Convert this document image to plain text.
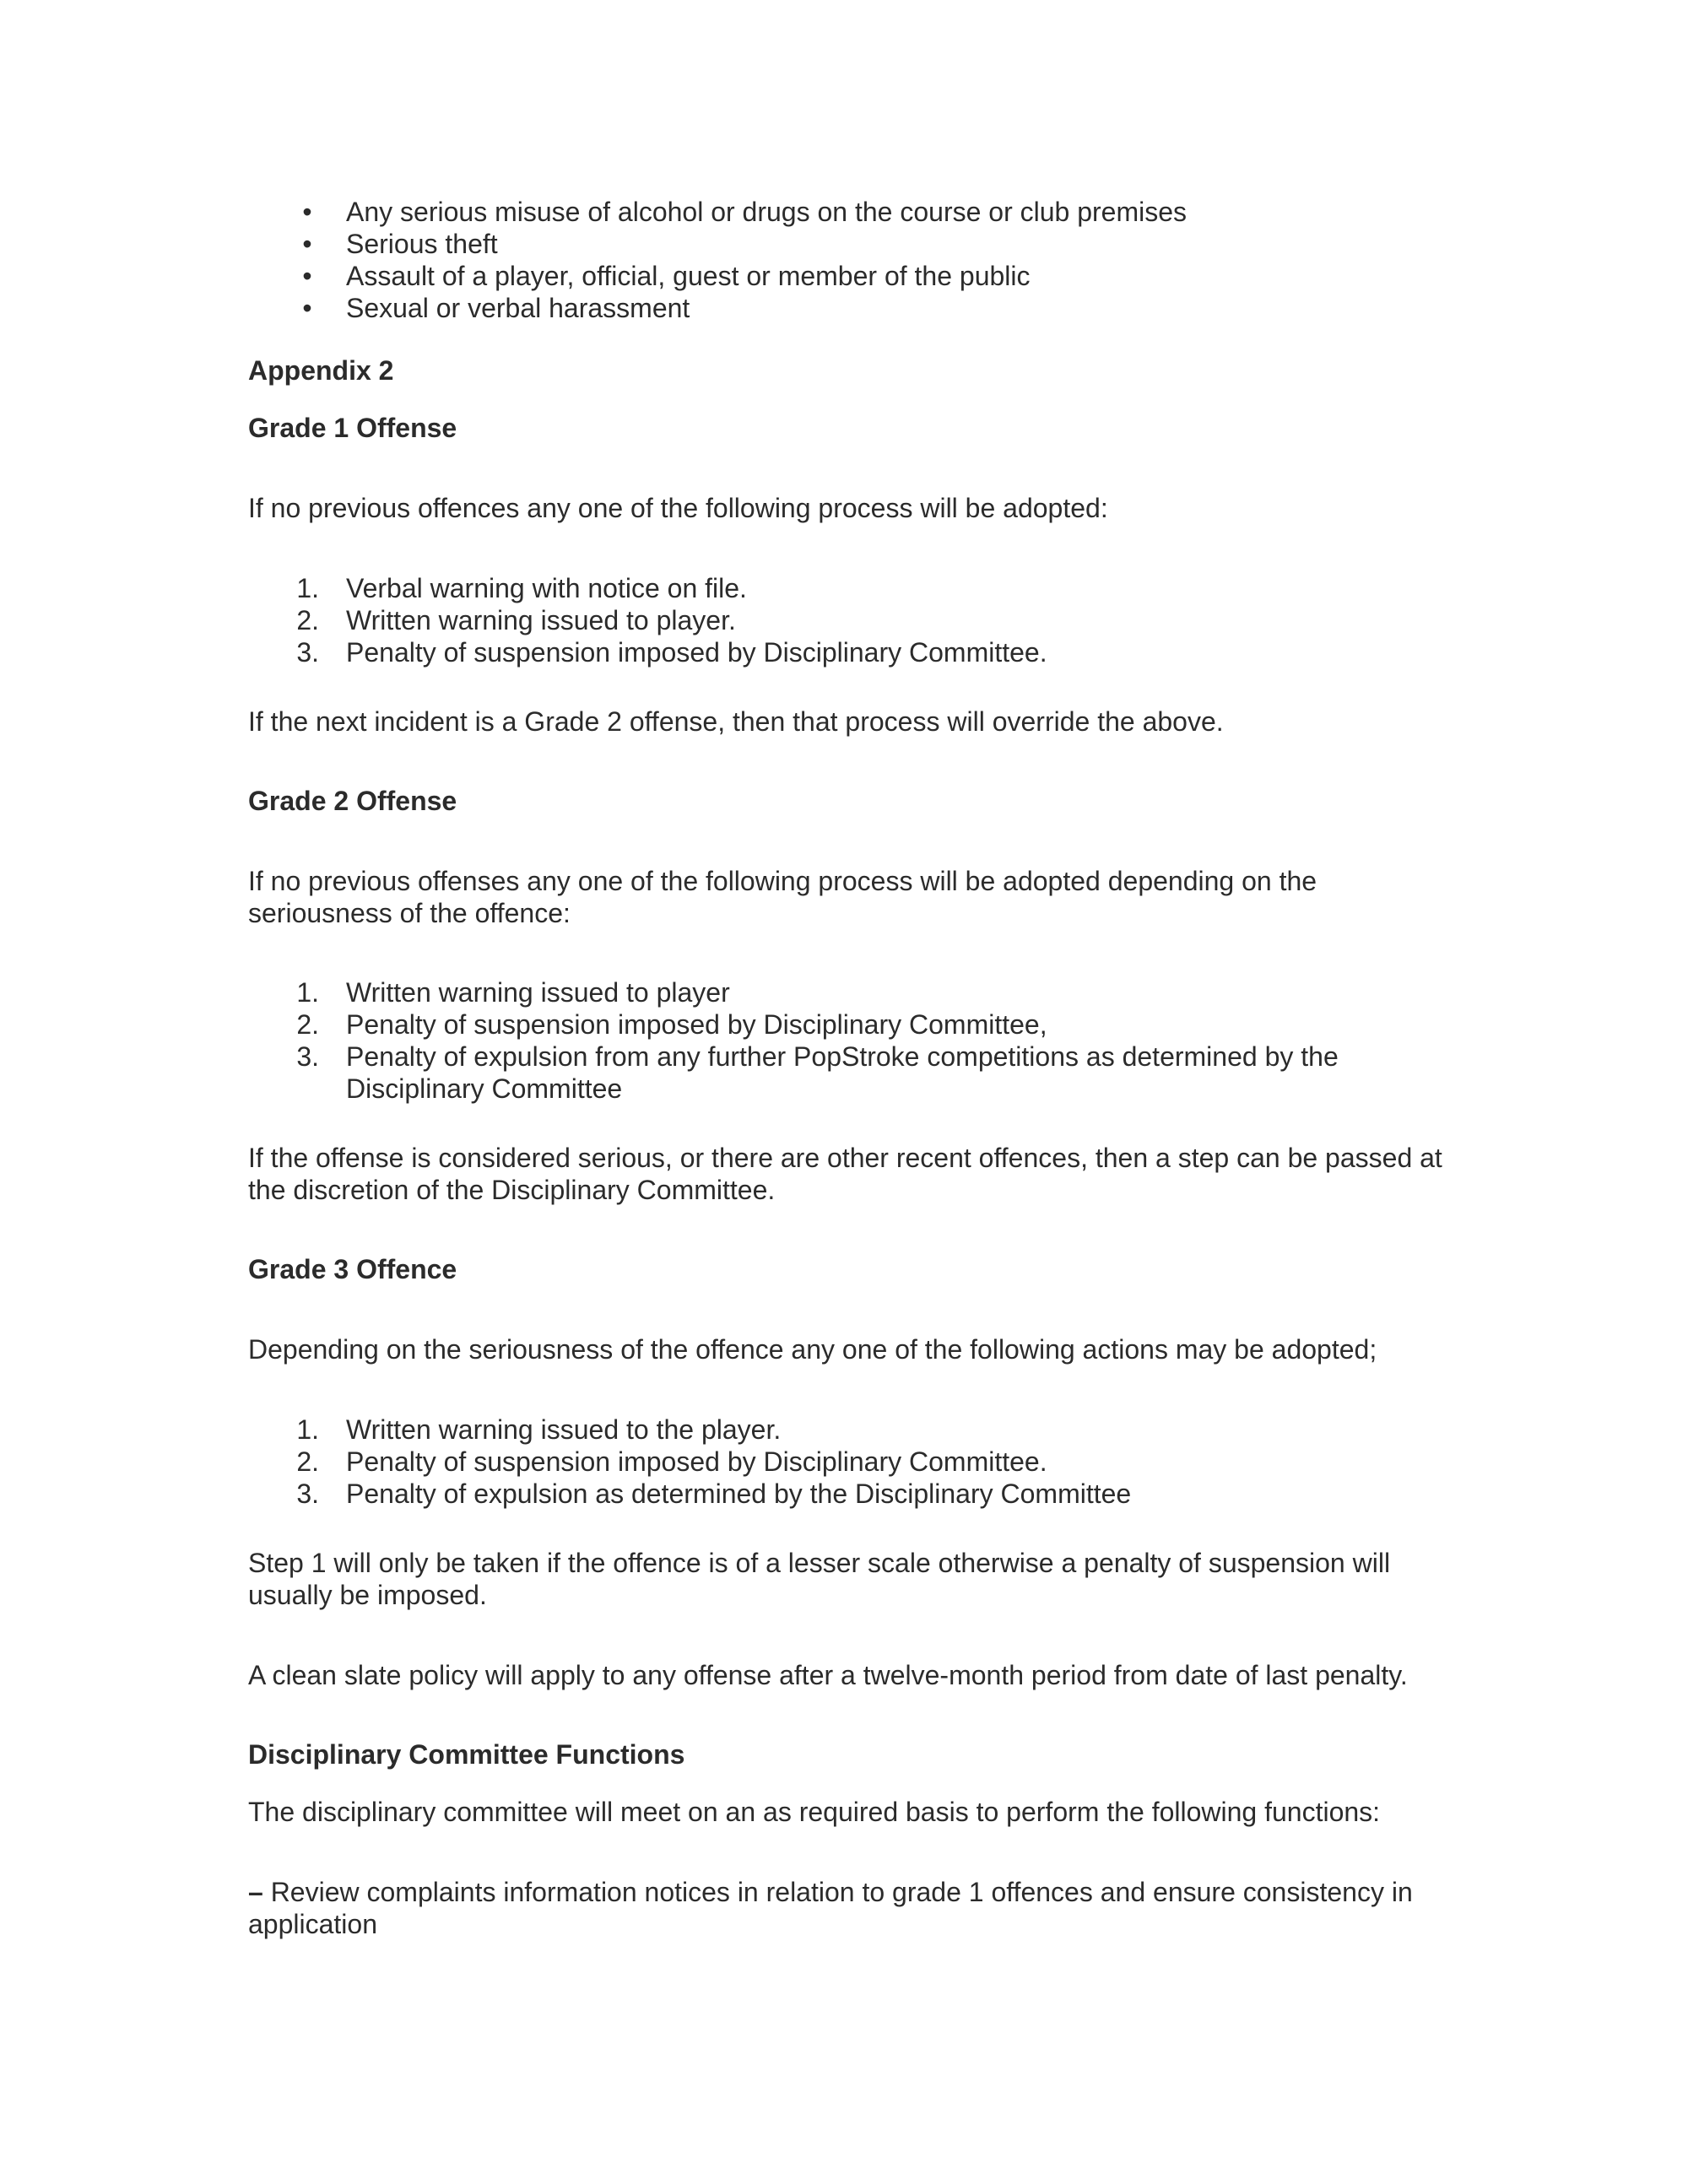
• Any serious misuse of alcohol or drugs on the course or club premises
• Serious theft
• Assault of a player, official, guest or member of the public
• Sexual or verbal harassment

Appendix 2

Grade 1 Offense

If no previous offences any one of the following process will be adopted:

1. Verbal warning with notice on file.
2. Written warning issued to player.
3. Penalty of suspension imposed by Disciplinary Committee.

If the next incident is a Grade 2 offense, then that process will override the above.

Grade 2 Offense

If no previous offenses any one of the following process will be adopted depending on the seriousness of the offence:

1. Written warning issued to player
2. Penalty of suspension imposed by Disciplinary Committee,
3. Penalty of expulsion from any further PopStroke competitions as determined by the Disciplinary Committee

If the offense is considered serious, or there are other recent offences, then a step can be passed at the discretion of the Disciplinary Committee.

Grade 3 Offence

Depending on the seriousness of the offence any one of the following actions may be adopted;

1. Written warning issued to the player.
2. Penalty of suspension imposed by Disciplinary Committee.
3. Penalty of expulsion as determined by the Disciplinary Committee

Step 1 will only be taken if the offence is of a lesser scale otherwise a penalty of suspension will usually be imposed.

A clean slate policy will apply to any offense after a twelve-month period from date of last penalty.

Disciplinary Committee Functions

The disciplinary committee will meet on an as required basis to perform the following functions:

– Review complaints information notices in relation to grade 1 offences and ensure consistency in application
